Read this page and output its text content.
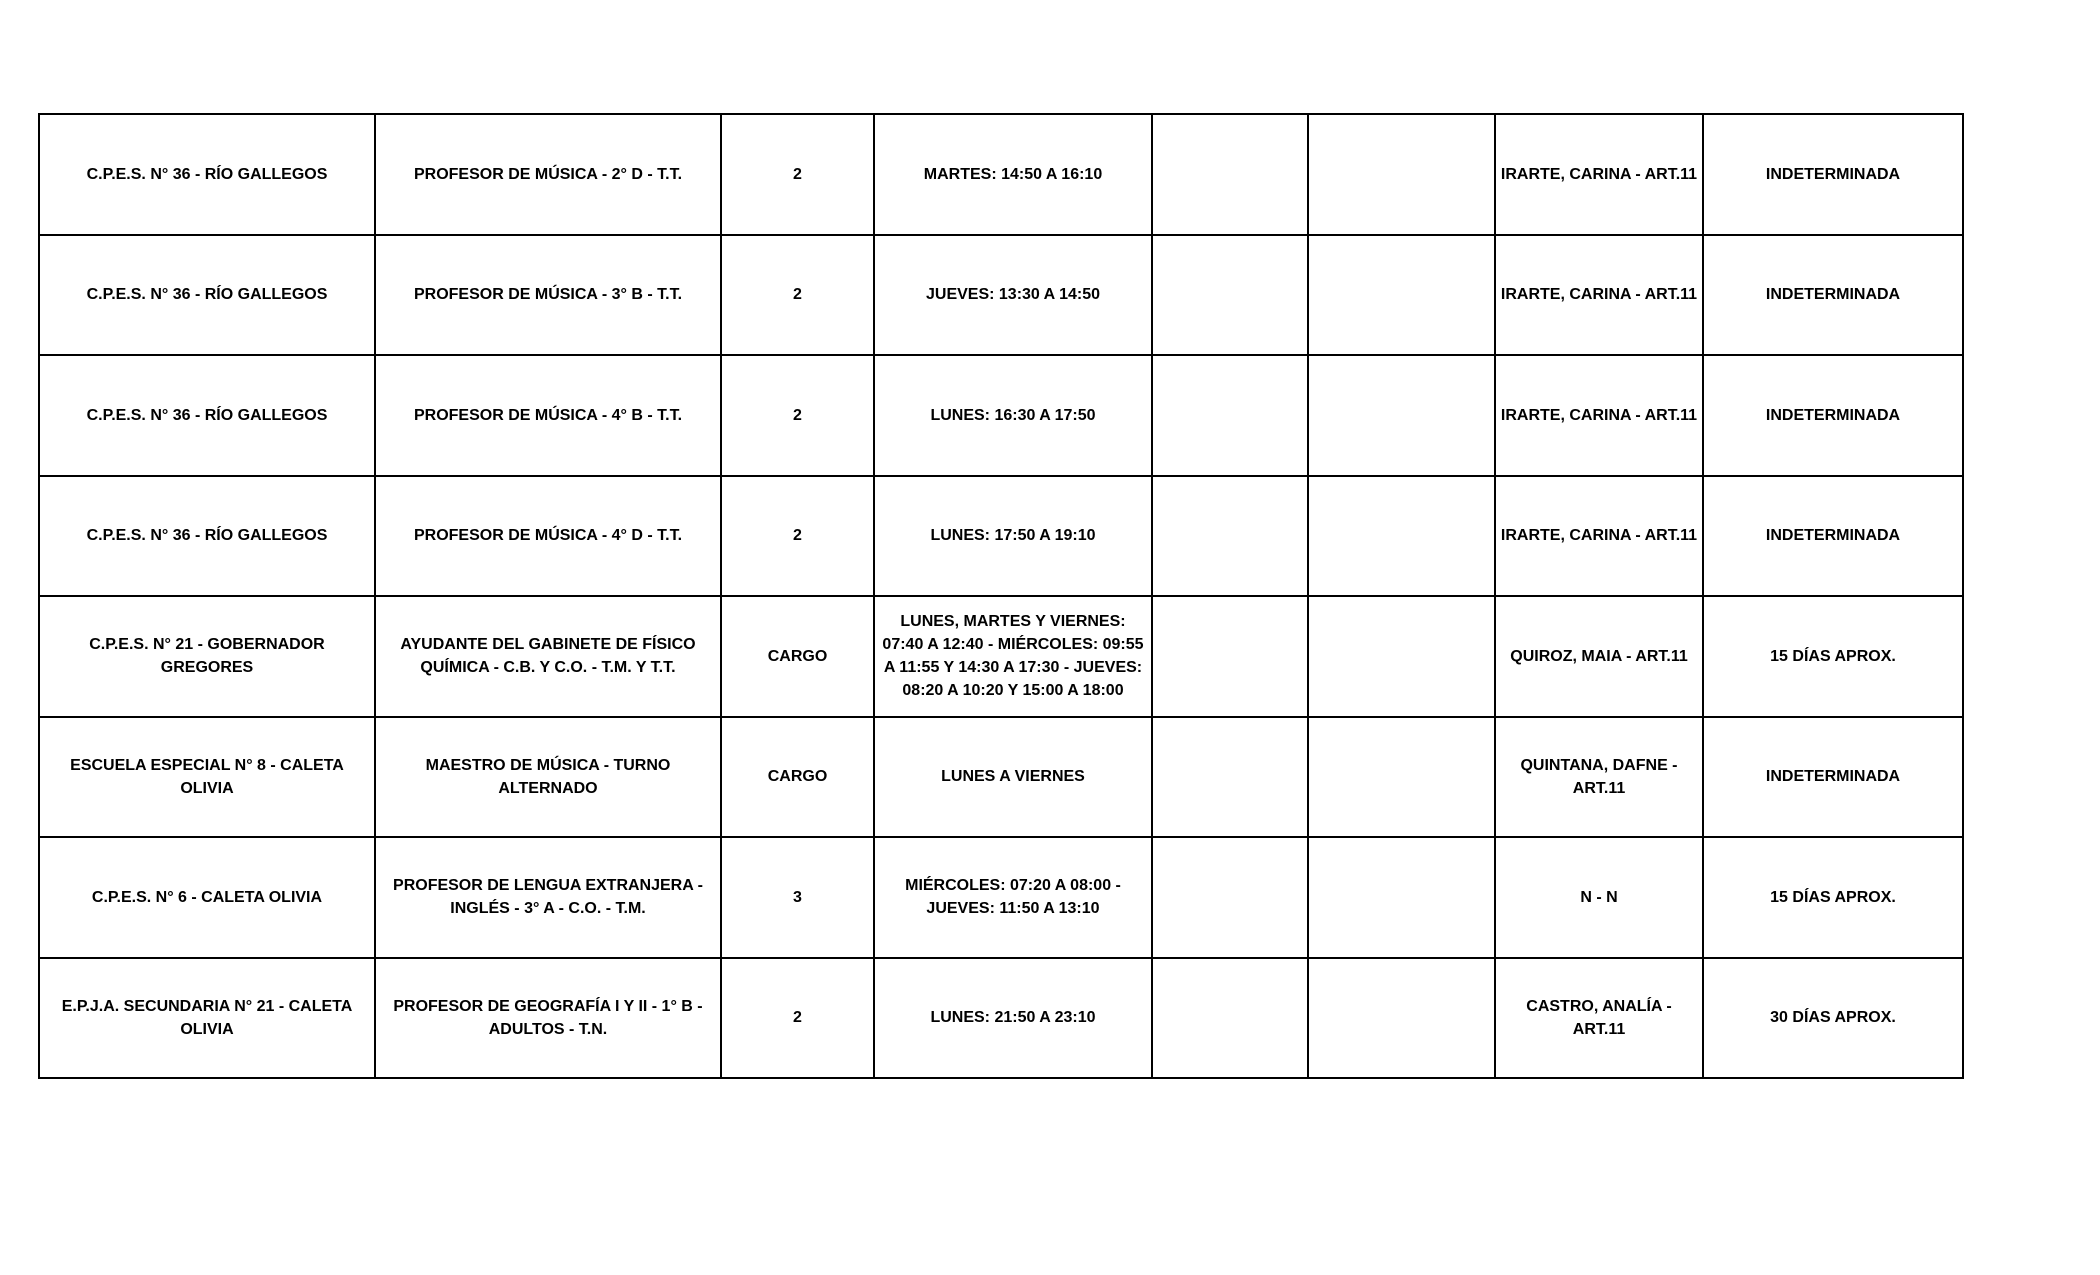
C.P.E.S. N° 36 - RÍO GALLEGOS	PROFESOR DE MÚSICA - 2° D - T.T.	2	MARTES: 14:50 A 16:10			IRARTE, CARINA - ART.11	INDETERMINADA
C.P.E.S. N° 36 - RÍO GALLEGOS	PROFESOR DE MÚSICA - 3° B - T.T.	2	JUEVES: 13:30 A 14:50			IRARTE, CARINA - ART.11	INDETERMINADA
C.P.E.S. N° 36 - RÍO GALLEGOS	PROFESOR DE MÚSICA - 4° B - T.T.	2	LUNES: 16:30 A 17:50			IRARTE, CARINA - ART.11	INDETERMINADA
C.P.E.S. N° 36 - RÍO GALLEGOS	PROFESOR DE MÚSICA - 4° D - T.T.	2	LUNES: 17:50 A 19:10			IRARTE, CARINA - ART.11	INDETERMINADA
C.P.E.S. N° 21 - GOBERNADOR GREGORES	AYUDANTE DEL GABINETE DE FÍSICO QUÍMICA - C.B. Y C.O. - T.M. Y T.T.	CARGO	LUNES, MARTES Y VIERNES: 07:40 A 12:40 - MIÉRCOLES: 09:55 A 11:55 Y 14:30 A 17:30 - JUEVES: 08:20 A 10:20 Y 15:00 A 18:00			QUIROZ, MAIA - ART.11	15 DÍAS APROX.
ESCUELA ESPECIAL N° 8 - CALETA OLIVIA	MAESTRO DE MÚSICA - TURNO ALTERNADO	CARGO	LUNES A VIERNES			QUINTANA, DAFNE - ART.11	INDETERMINADA
C.P.E.S. N° 6 - CALETA OLIVIA	PROFESOR DE LENGUA EXTRANJERA - INGLÉS - 3° A - C.O. - T.M.	3	MIÉRCOLES: 07:20 A 08:00 - JUEVES: 11:50 A 13:10			N - N	15 DÍAS APROX.
E.P.J.A. SECUNDARIA N° 21 - CALETA OLIVIA	PROFESOR DE GEOGRAFÍA I Y II - 1° B - ADULTOS - T.N.	2	LUNES: 21:50 A 23:10			CASTRO, ANALÍA - ART.11	30 DÍAS APROX.
